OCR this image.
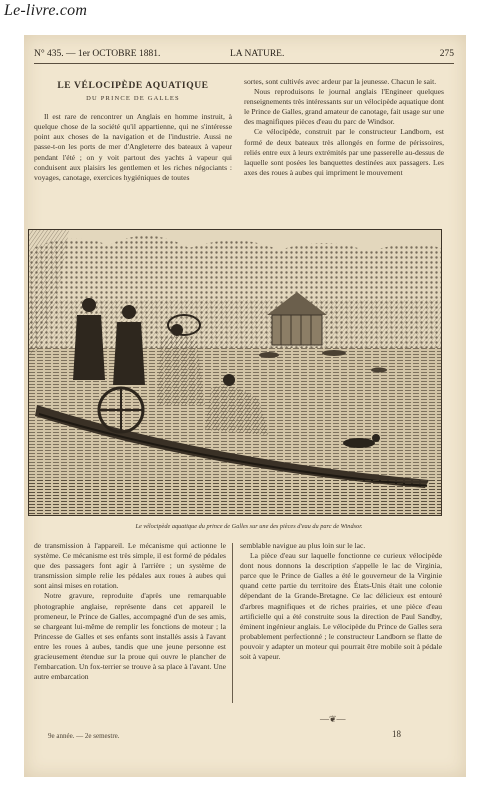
Le-livre.com
N° 435. — 1er OCTOBRE 1881.	LA NATURE.	275
LE VÉLOCIPÈDE AQUATIQUE
DU PRINCE DE GALLES

Il est rare de rencontrer un Anglais en homme instruit, à quelque chose de la société qu'il appartienne, qui ne s'intéresse point aux choses de la navigation et de l'industrie. Aussi ne passe-t-on les ports de mer d'Angleterre des bateaux à vapeur pendant l'été ; on y voit partout des yachts à vapeur qui conduisent aux plaisirs les gentlemen et les riches négociants : voyages, canotage, exercices hygiéniques de toutes

sortes, sont cultivés avec ardeur par la jeunesse. Chacun le sait.

Nous reproduisons le journal anglais l'Engineer quelques renseignements très intéressants sur un vélocipède aquatique dont le Prince de Galles, grand amateur de canotage, fait usage sur une des magnifiques pièces d'eau du parc de Windsor.

Ce vélocipède, construit par le constructeur Landborn, est formé de deux bateaux très allongés en forme de périssoires, reliés entre eux à leurs extrémités par une passerelle au-dessus de laquelle sont posées les banquettes destinées aux passagers. Les axes des roues à aubes qui impriment le mouvement

Le vélocipède aquatique du prince de Galles sur une des pièces d'eau du parc de Windsor.

de transmission à l'appareil. Le mécanisme qui actionne le système. Ce mécanisme est très simple, il est formé de pédales que des passagers font agir à l'arrière ; un système de transmission simple relie les pédales aux roues à aubes qui sont ainsi mises en rotation.

Notre gravure, reproduite d'après une remarquable photographie anglaise, représente dans cet appareil le promeneur, le Prince de Galles, accompagné d'un de ses amis, se chargeant lui-même de remplir les fonctions de moteur ; la Princesse de Galles et ses enfants sont installés assis à l'avant entre les roues à aubes, tandis que une jeune personne est gracieusement étendue sur la proue qui ouvre le plancher de l'embarcation. Un fox-terrier se trouve à sa place à l'avant. Une autre embarcation

semblable navigue au plus loin sur le lac.

La pièce d'eau sur laquelle fonctionne ce curieux vélocipède dont nous donnons la description s'appelle le lac de Virginia, parce que le Prince de Galles a été le gouverneur de la Virginie quand cette partie du territoire des États-Unis était une colonie dépendant de la Grande-Bretagne. Ce lac délicieux est entouré d'arbres magnifiques et de riches prairies, et une pièce d'eau artificielle qui a été construite sous la direction de Paul Sandby, éminent ingénieur anglais. Le vélocipède du Prince de Galles sera probablement perfectionné ; le constructeur Landborn se flatte de pouvoir y adapter un moteur qui pourrait être mobile soit à pédale soit à vapeur.

—❦—
9e année. — 2e semestre.	18
